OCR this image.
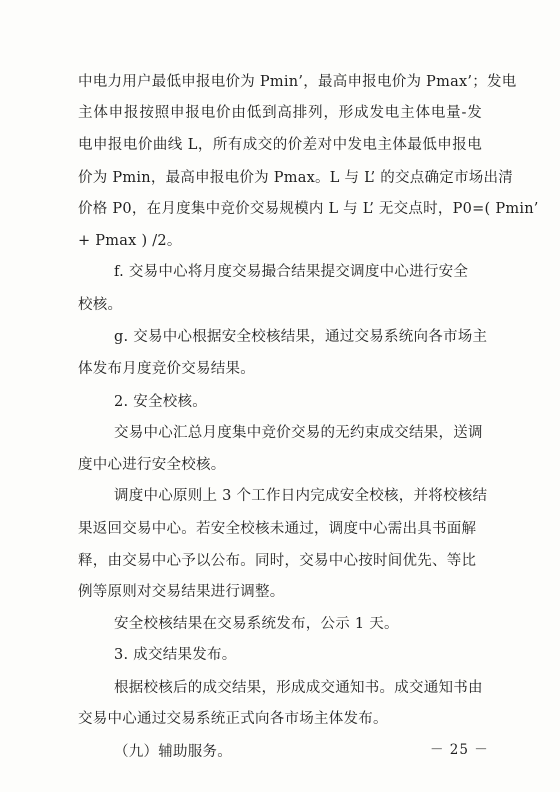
中电力用户最低申报电价为 Pmin’，最高申报电价为 Pmax’；发电
主体申报按照申报电价由低到高排列，形成发电主体电量-发
电申报电价曲线 L，所有成交的价差对中发电主体最低申报电
价为 Pmin，最高申报电价为 Pmax。L 与 L’ 的交点确定市场出清
价格 P0，在月度集中竞价交易规模内 L 与 L’ 无交点时，P0=( Pmin’
+ Pmax ) /2。
f. 交易中心将月度交易撮合结果提交调度中心进行安全
校核。
g. 交易中心根据安全校核结果，通过交易系统向各市场主
体发布月度竞价交易结果。
2. 安全校核。
交易中心汇总月度集中竞价交易的无约束成交结果，送调
度中心进行安全校核。
调度中心原则上 3 个工作日内完成安全校核，并将校核结
果返回交易中心。若安全校核未通过，调度中心需出具书面解
释，由交易中心予以公布。同时，交易中心按时间优先、等比
例等原则对交易结果进行调整。
安全校核结果在交易系统发布，公示 1 天。
3. 成交结果发布。
根据校核后的成交结果，形成成交通知书。成交通知书由
交易中心通过交易系统正式向各市场主体发布。
（九）辅助服务。	－ 25 －
